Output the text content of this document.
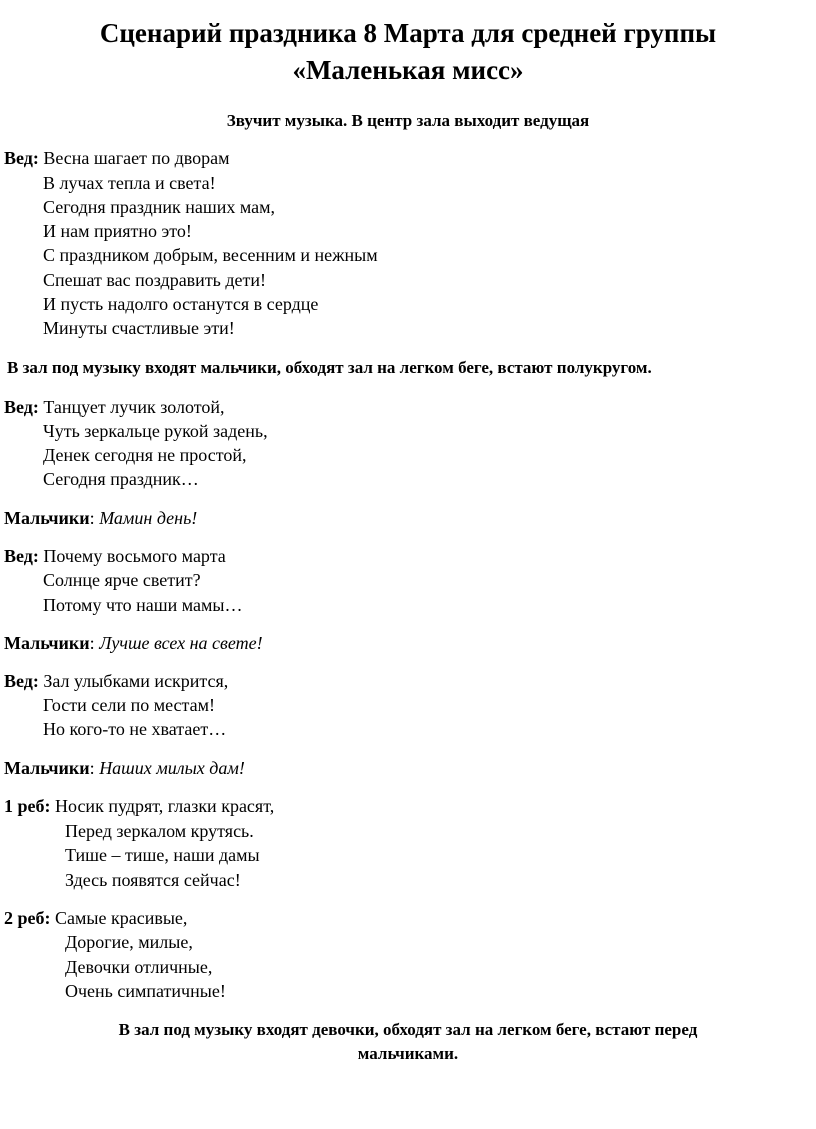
Сценарий праздника 8 Марта для средней группы
«Маленькая мисс»
Звучит музыка. В центр зала выходит ведущая
Вед: Весна шагает по дворам
В лучах тепла и света!
Сегодня праздник наших мам,
И нам приятно это!
С праздником добрым, весенним и нежным
Спешат вас поздравить дети!
И пусть надолго останутся в сердце
Минуты счастливые эти!
В зал под музыку входят мальчики, обходят зал на легком беге, встают полукругом.
Вед: Танцует лучик золотой,
Чуть зеркальце рукой задень,
Денек сегодня не простой,
Сегодня праздник…
Мальчики: Мамин день!
Вед: Почему восьмого марта
Солнце ярче светит?
Потому что наши мамы…
Мальчики: Лучше всех на свете!
Вед: Зал улыбками искрится,
Гости сели по местам!
Но кого-то не хватает…
Мальчики: Наших милых дам!
1 реб: Носик пудрят, глазки красят,
Перед зеркалом крутясь.
Тише – тише, наши дамы
Здесь появятся сейчас!
2 реб: Самые красивые,
Дорогие, милые,
Девочки отличные,
Очень симпатичные!
В зал под музыку входят девочки, обходят зал на легком беге, встают перед
мальчиками.
